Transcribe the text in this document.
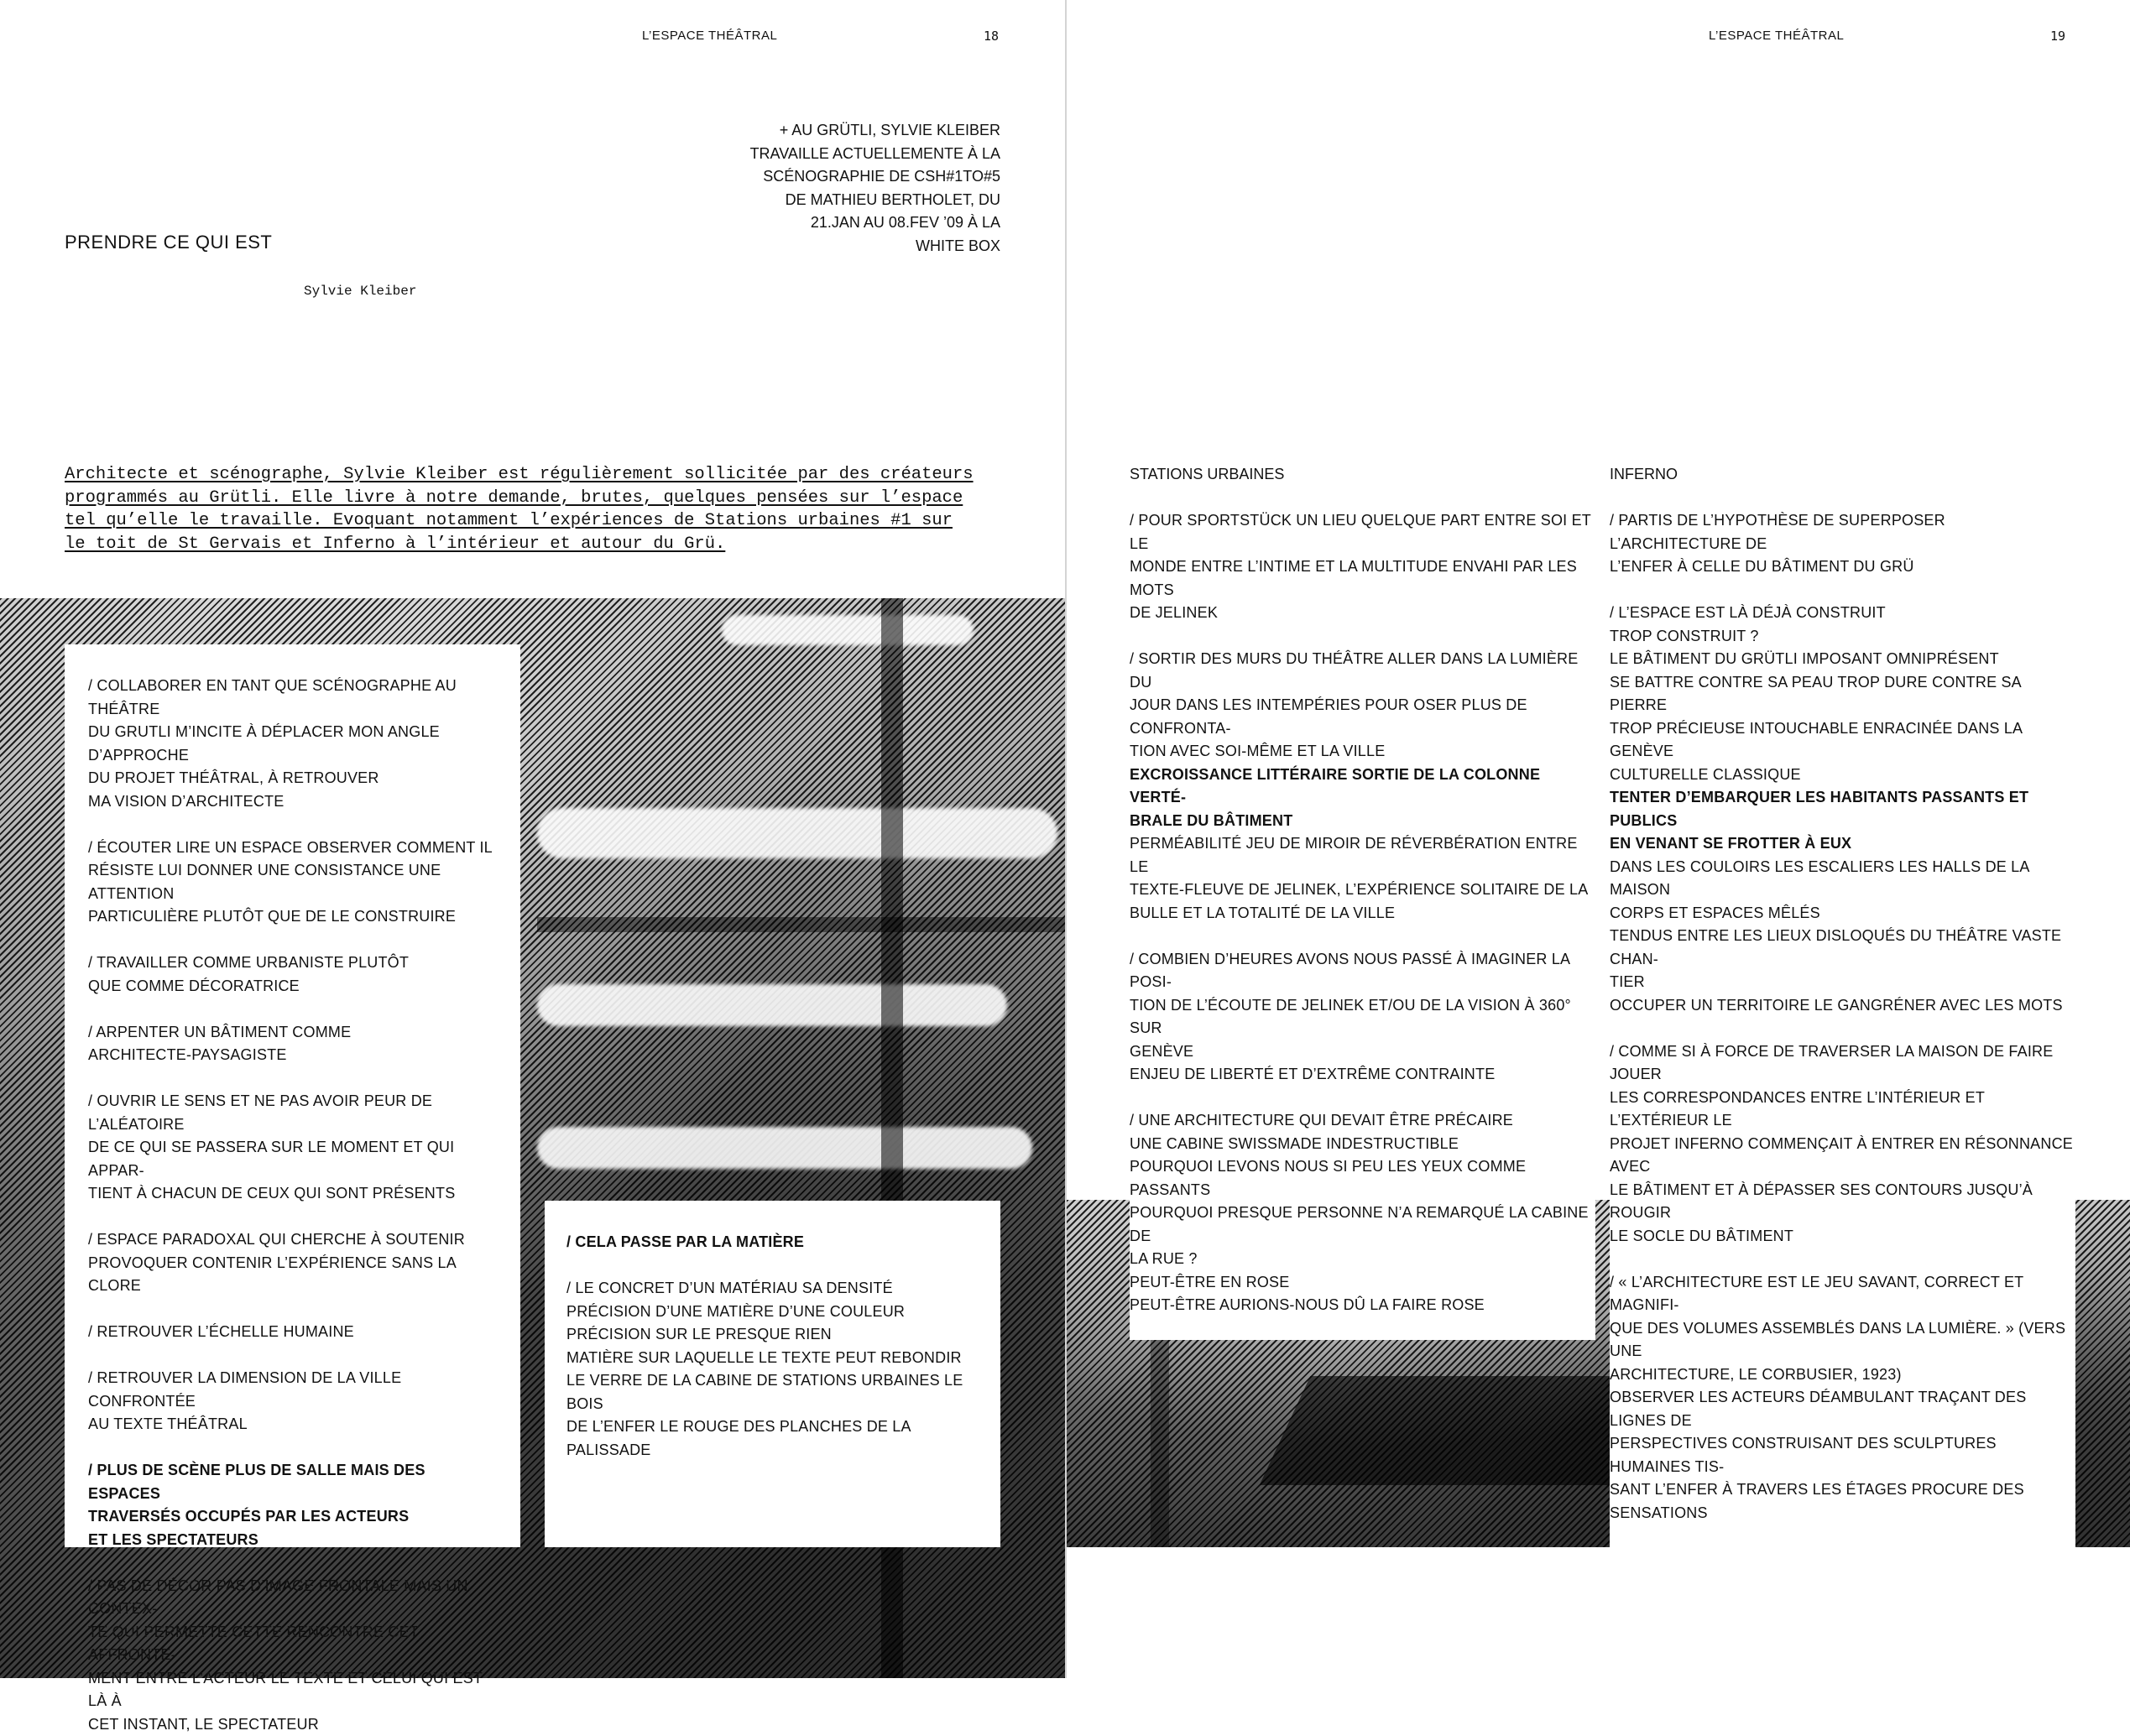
L’ESPACE THÉÂTRAL	18
+ AU GRÜTLI, SYLVIE KLEIBER
TRAVAILLE ACTUELLEMENTE À LA
SCÉNOGRAPHIE DE CSH#1TO#5
DE MATHIEU BERTHOLET, DU
21.JAN AU 08.FEV ’09 À LA
WHITE BOX
PRENDRE CE QUI EST
Sylvie Kleiber
Architecte et scénographe, Sylvie Kleiber est régulièrement sollicitée par des créateurs
programmés au Grütli. Elle livre à notre demande, brutes, quelques pensées sur l’espace
tel qu’elle le travaille. Evoquant notamment l’expériences de Stations urbaines #1 sur
le toit de St Gervais et Inferno à l’intérieur et autour du Grü.
/ COLLABORER EN TANT QUE SCÉNOGRAPHE AU THÉÂTRE
DU GRUTLI M’INCITE À DÉPLACER MON ANGLE D’APPROCHE
DU PROJET THÉÂTRAL, À RETROUVER
MA VISION D’ARCHITECTE
/ ÉCOUTER LIRE UN ESPACE OBSERVER COMMENT IL
RÉSISTE LUI DONNER UNE CONSISTANCE UNE ATTENTION
PARTICULIÈRE PLUTÔT QUE DE LE CONSTRUIRE
/ TRAVAILLER COMME URBANISTE PLUTÔT
QUE COMME DÉCORATRICE
/ ARPENTER UN BÂTIMENT COMME
ARCHITECTE-PAYSAGISTE
/ OUVRIR LE SENS ET NE PAS AVOIR PEUR DE L’ALÉATOIRE
DE CE QUI SE PASSERA SUR LE MOMENT ET QUI APPAR-
TIENT À CHACUN DE CEUX QUI SONT PRÉSENTS
/ ESPACE PARADOXAL QUI CHERCHE À SOUTENIR
PROVOQUER CONTENIR L’EXPÉRIENCE SANS LA CLORE
/ RETROUVER L’ÉCHELLE HUMAINE
/ RETROUVER LA DIMENSION DE LA VILLE CONFRONTÉE
AU TEXTE THÉÂTRAL
/ PLUS DE SCÈNE PLUS DE SALLE MAIS DES ESPACES
TRAVERSÉS OCCUPÉS PAR LES ACTEURS
ET LES SPECTATEURS
/ PAS DE DÉCOR PAS D’IMAGE FRONTALE MAIS UN CONTEX-
TE QUI PERMETTE CETTE RENCONTRE CET AFFRONTE-
MENT ENTRE L’ACTEUR LE TEXTE ET CELUI QUI EST LÀ À
CET INSTANT, LE SPECTATEUR
/ CELA PASSE PAR LA MATIÈRE
/ LE CONCRET D’UN MATÉRIAU SA DENSITÉ
PRÉCISION D’UNE MATIÈRE D’UNE COULEUR
PRÉCISION SUR LE PRESQUE RIEN
MATIÈRE SUR LAQUELLE LE TEXTE PEUT REBONDIR
LE VERRE DE LA CABINE DE STATIONS URBAINES LE BOIS
DE L’ENFER LE ROUGE DES PLANCHES DE LA PALISSADE
L’ESPACE THÉÂTRAL	19
STATIONS URBAINES
/ POUR SPORTSTÜCK UN LIEU QUELQUE PART ENTRE SOI ET LE
MONDE ENTRE L’INTIME ET LA MULTITUDE ENVAHI PAR LES MOTS
DE JELINEK
/ SORTIR DES MURS DU THÉÂTRE ALLER DANS LA LUMIÈRE DU
JOUR DANS LES INTEMPÉRIES POUR OSER PLUS DE CONFRONTA-
TION AVEC SOI-MÊME ET LA VILLE
EXCROISSANCE LITTÉRAIRE SORTIE DE LA COLONNE VERTÉ-
BRALE DU BÂTIMENT
PERMÉABILITÉ JEU DE MIROIR DE RÉVERBÉRATION ENTRE LE
TEXTE-FLEUVE DE JELINEK, L’EXPÉRIENCE SOLITAIRE DE LA
BULLE ET LA TOTALITÉ DE LA VILLE
/ COMBIEN D’HEURES AVONS NOUS PASSÉ À IMAGINER LA POSI-
TION DE L’ÉCOUTE DE JELINEK ET/OU DE LA VISION À 360° SUR
GENÈVE
ENJEU DE LIBERTÉ ET D’EXTRÊME CONTRAINTE
/ UNE ARCHITECTURE QUI DEVAIT ÊTRE PRÉCAIRE
UNE CABINE SWISSMADE INDESTRUCTIBLE
POURQUOI LEVONS NOUS SI PEU LES YEUX COMME PASSANTS
POURQUOI PRESQUE PERSONNE N’A REMARQUÉ LA CABINE DE
LA RUE ?
PEUT-ÊTRE EN ROSE
PEUT-ÊTRE AURIONS-NOUS DÛ LA FAIRE ROSE
INFERNO
/ PARTIS DE L’HYPOTHÈSE DE SUPERPOSER L’ARCHITECTURE DE
L’ENFER À CELLE DU BÂTIMENT DU GRÜ
/ L’ESPACE EST LÀ DÉJÀ CONSTRUIT
TROP CONSTRUIT ?
LE BÂTIMENT DU GRÜTLI IMPOSANT OMNIPRÉSENT
SE BATTRE CONTRE SA PEAU TROP DURE CONTRE SA PIERRE
TROP PRÉCIEUSE INTOUCHABLE ENRACINÉE DANS LA GENÈVE
CULTURELLE CLASSIQUE
TENTER D’EMBARQUER LES HABITANTS PASSANTS ET PUBLICS
EN VENANT SE FROTTER À EUX
DANS LES COULOIRS LES ESCALIERS LES HALLS DE LA MAISON
CORPS ET ESPACES MÊLÉS
TENDUS ENTRE LES LIEUX DISLOQUÉS DU THÉÂTRE VASTE CHAN-
TIER
OCCUPER UN TERRITOIRE LE GANGRÉNER AVEC LES MOTS
/ COMME SI À FORCE DE TRAVERSER LA MAISON DE FAIRE JOUER
LES CORRESPONDANCES ENTRE L’INTÉRIEUR ET L’EXTÉRIEUR LE
PROJET INFERNO COMMENÇAIT À ENTRER EN RÉSONNANCE AVEC
LE BÂTIMENT ET À DÉPASSER SES CONTOURS JUSQU’À ROUGIR
LE SOCLE DU BÂTIMENT
/ « L’ARCHITECTURE EST LE JEU SAVANT, CORRECT ET MAGNIFI-
QUE DES VOLUMES ASSEMBLÉS DANS LA LUMIÈRE. » (VERS UNE
ARCHITECTURE, LE CORBUSIER, 1923)
OBSERVER LES ACTEURS DÉAMBULANT TRAÇANT DES LIGNES DE
PERSPECTIVES CONSTRUISANT DES SCULPTURES HUMAINES TIS-
SANT L’ENFER À TRAVERS LES ÉTAGES PROCURE DES SENSATIONS
